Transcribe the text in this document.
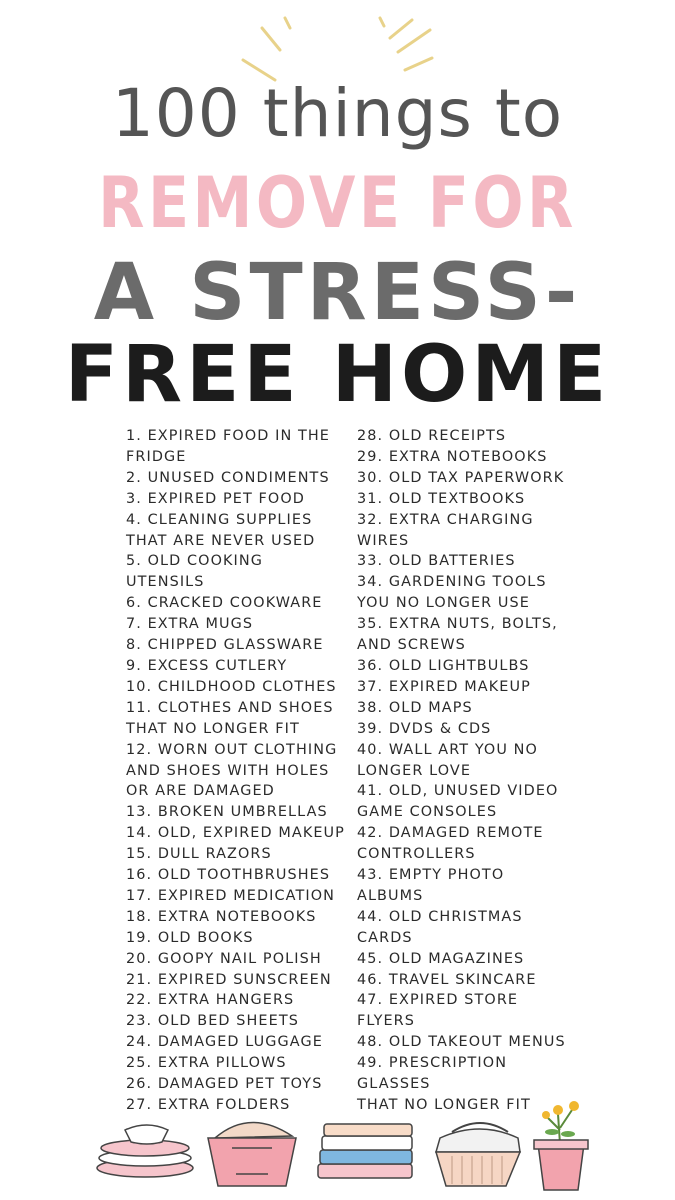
100 things to
REMOVE FOR
A STRESS-
FREE HOME
1. EXPIRED FOOD IN THE
FRIDGE
2. UNUSED CONDIMENTS
3. EXPIRED PET FOOD
4. CLEANING SUPPLIES
THAT ARE NEVER USED
5. OLD COOKING UTENSILS
6. CRACKED COOKWARE
7. EXTRA MUGS
8. CHIPPED GLASSWARE
9. EXCESS CUTLERY
10. CHILDHOOD CLOTHES
11. CLOTHES AND SHOES
THAT NO LONGER FIT
12. WORN OUT CLOTHING
AND SHOES WITH HOLES
OR ARE DAMAGED
13. BROKEN UMBRELLAS
14. OLD, EXPIRED MAKEUP
15. DULL RAZORS
16. OLD TOOTHBRUSHES
17. EXPIRED MEDICATION
18. EXTRA NOTEBOOKS
19. OLD BOOKS
20. GOOPY NAIL POLISH
21. EXPIRED SUNSCREEN
22. EXTRA HANGERS
23. OLD BED SHEETS
24. DAMAGED LUGGAGE
25. EXTRA PILLOWS
26. DAMAGED PET TOYS
27. EXTRA FOLDERS
28. OLD RECEIPTS
29. EXTRA NOTEBOOKS
30. OLD TAX PAPERWORK
31. OLD TEXTBOOKS
32. EXTRA CHARGING
WIRES
33. OLD BATTERIES
34. GARDENING TOOLS
YOU NO LONGER USE
35. EXTRA NUTS, BOLTS,
AND SCREWS
36. OLD LIGHTBULBS
37. EXPIRED MAKEUP
38. OLD MAPS
39. DVDS & CDS
40. WALL ART YOU NO
LONGER LOVE
41. OLD, UNUSED VIDEO
GAME CONSOLES
42. DAMAGED REMOTE
CONTROLLERS
43. EMPTY PHOTO ALBUMS
44. OLD CHRISTMAS
CARDS
45. OLD MAGAZINES
46. TRAVEL SKINCARE
47. EXPIRED STORE
FLYERS
48. OLD TAKEOUT MENUS
49. PRESCRIPTION
GLASSES
THAT NO LONGER FIT
